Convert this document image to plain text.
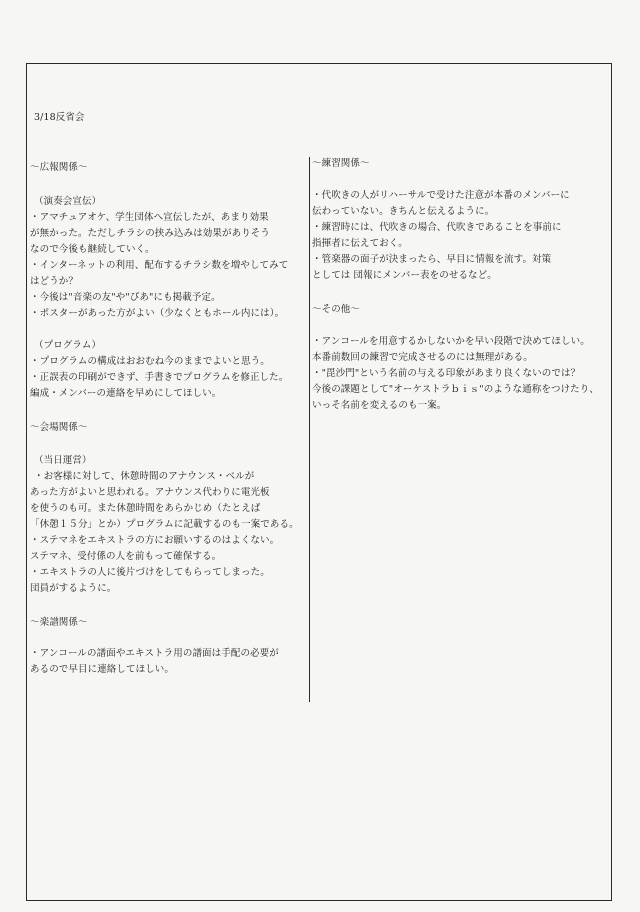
3/18反省会
～広報関係～
（演奏会宣伝）
・アマチュアオケ、学生団体へ宣伝したが、あまり効果
が無かった。ただしチラシの挟み込みは効果がありそう
なので今後も継続していく。
・インターネットの利用、配布するチラシ数を増やしてみて
はどうか？
・今後は"音楽の友"や"ぴあ"にも掲載予定。
・ポスターがあった方がよい（少なくともホール内には）。
（プログラム）
・プログラムの構成はおおむね今のままでよいと思う。
・正誤表の印刷ができず、手書きでプログラムを修正した。
編成・メンバーの連絡を早めにしてほしい。
～会場関係～
（当日運営）
・お客様に対して、休憩時間のアナウンス・ベルが
あった方がよいと思われる。アナウンス代わりに電光板
を使うのも可。また休憩時間をあらかじめ（たとえば
「休憩１５分」とか）プログラムに記載するのも一案である。
・ステマネをエキストラの方にお願いするのはよくない。
ステマネ、受付係の人を前もって確保する。
・エキストラの人に後片づけをしてもらってしまった。
団員がするように。
～楽譜関係～
・アンコールの譜面やエキストラ用の譜面は手配の必要が
あるので早目に連絡してほしい。
～練習関係～
・代吹きの人がリハーサルで受けた注意が本番のメンバーに
伝わっていない。きちんと伝えるように。
・練習時には、代吹きの場合、代吹きであることを事前に
指揮者に伝えておく。
・管楽器の面子が決まったら、早目に情報を流す。対策
としては 団報にメンバー表をのせるなど。
～その他～
・アンコールを用意するかしないかを早い段階で決めてほしい。
本番前数回の練習で完成させるのには無理がある。
・"毘沙門"という名前の与える印象があまり良くないのでは？
今後の課題として"オーケストラｂｉｓ"のような通称をつけたり、
いっそ名前を変えるのも一案。
